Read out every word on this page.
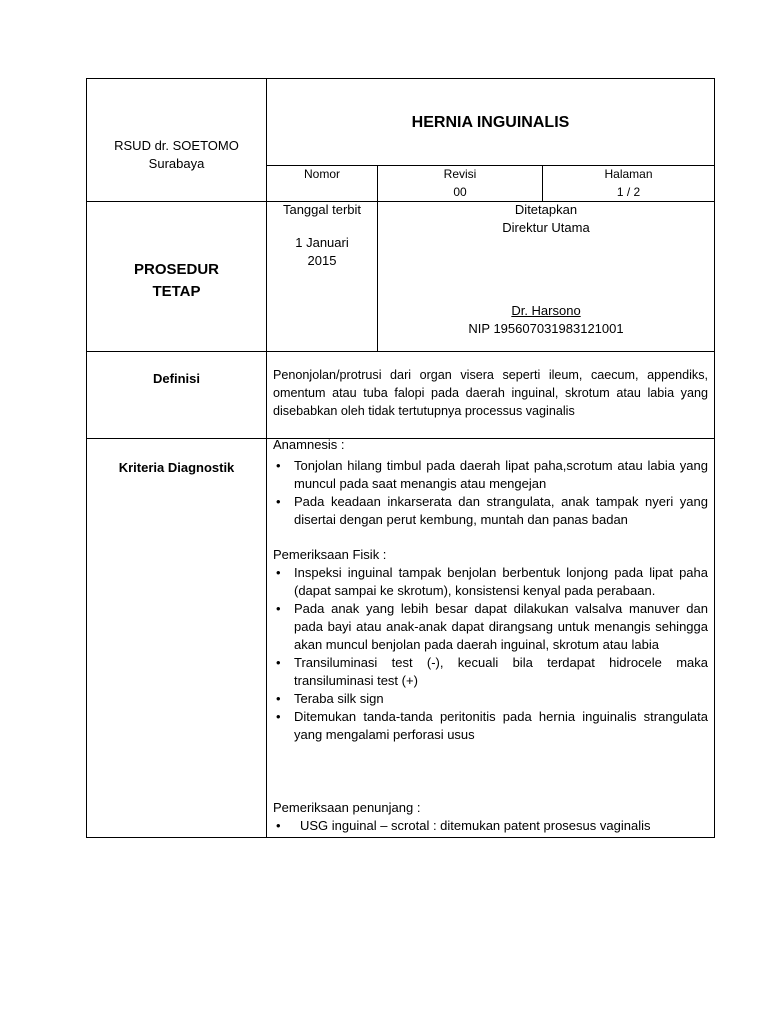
RSUD dr. SOETOMO
Surabaya
HERNIA INGUINALIS
Nomor	Revisi
00
Halaman
1 / 2
PROSEDUR
TETAP
Tanggal terbit
1 Januari
2015
Ditetapkan
Direktur Utama
Dr. Harsono
NIP 195607031983121001
Definisi	Penonjolan/protrusi dari organ visera seperti ileum, caecum, appendiks, omentum atau tuba falopi pada daerah inguinal, skrotum atau labia yang disebabkan oleh tidak tertutupnya processus vaginalis
Kriteria Diagnostik
Anamnesis :
• Tonjolan hilang timbul pada daerah lipat paha,scrotum atau labia yang muncul pada saat menangis atau mengejan
• Pada keadaan inkarserata dan strangulata, anak tampak nyeri yang disertai dengan perut kembung, muntah dan panas badan
Pemeriksaan Fisik :
• Inspeksi inguinal tampak benjolan berbentuk lonjong pada lipat paha (dapat sampai ke skrotum), konsistensi kenyal pada perabaan.
• Pada anak yang lebih besar dapat dilakukan valsalva manuver dan pada bayi atau anak-anak dapat dirangsang untuk menangis sehingga akan muncul benjolan pada daerah inguinal, skrotum atau labia
• Transiluminasi test (-), kecuali bila terdapat hidrocele maka transiluminasi test (+)
• Teraba silk sign
• Ditemukan tanda-tanda peritonitis pada hernia inguinalis strangulata yang mengalami perforasi usus
Pemeriksaan penunjang :
• USG inguinal – scrotal : ditemukan patent prosesus vaginalis
